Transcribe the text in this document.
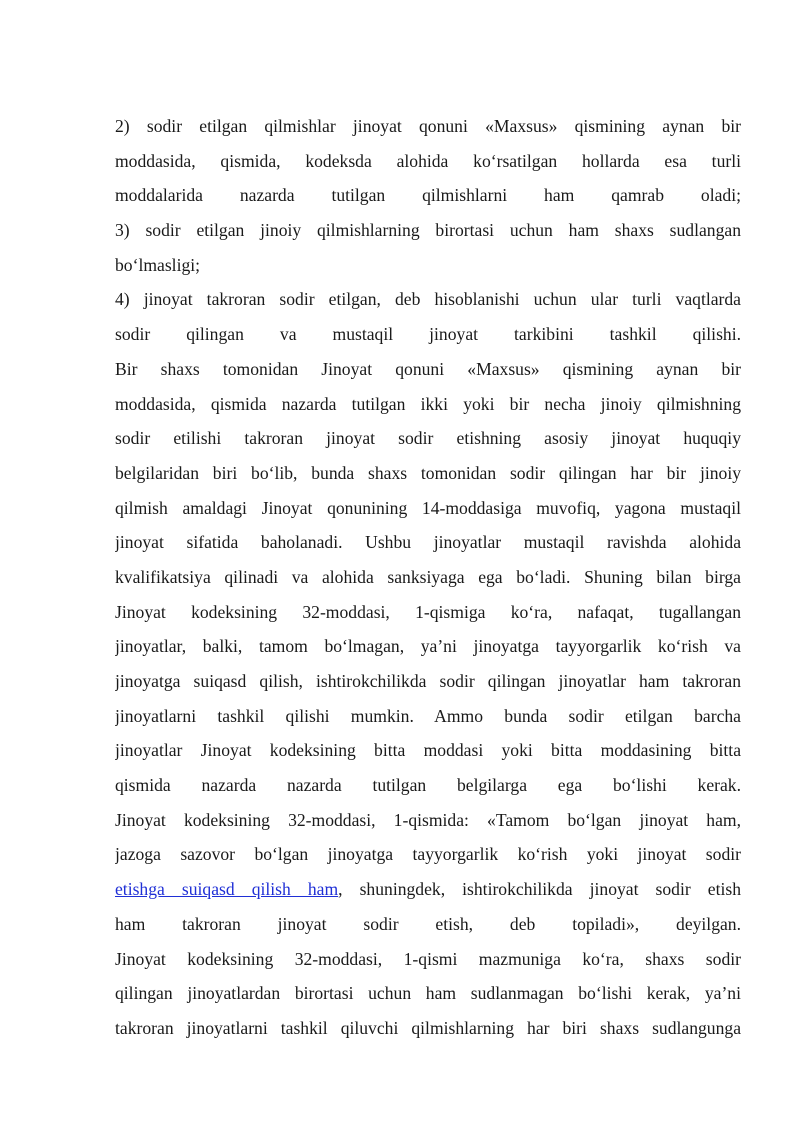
2) sodir etilgan qilmishlar jinoyat qonuni «Maxsus» qismining aynan bir
moddasida, qismida, kodeksda alohida ko‘rsatilgan hollarda esa turli
moddalarida nazarda tutilgan qilmishlarni ham qamrab oladi;
3) sodir etilgan jinoiy qilmishlarning birortasi uchun ham shaxs sudlangan
bo‘lmasligi;
4) jinoyat takroran sodir etilgan, deb hisoblanishi uchun ular turli vaqtlarda
sodir qilingan va mustaqil jinoyat tarkibini tashkil qilishi.
Bir shaxs tomonidan Jinoyat qonuni «Maxsus» qismining aynan bir
moddasida, qismida nazarda tutilgan ikki yoki bir necha jinoiy qilmishning
sodir etilishi takroran jinoyat sodir etishning asosiy jinoyat huquqiy
belgilaridan biri bo‘lib, bunda shaxs tomonidan sodir qilingan har bir jinoiy
qilmish amaldagi Jinoyat qonunining 14-moddasiga muvofiq, yagona mustaqil
jinoyat sifatida baholanadi. Ushbu jinoyatlar mustaqil ravishda alohida
kvalifikatsiya qilinadi va alohida sanksiyaga ega bo‘ladi. Shuning bilan birga
Jinoyat kodeksining 32-moddasi, 1-qismiga ko‘ra, nafaqat, tugallangan
jinoyatlar, balki, tamom bo‘lmagan, ya’ni jinoyatga tayyorgarlik ko‘rish va
jinoyatga suiqasd qilish, ishtirokchilikda sodir qilingan jinoyatlar ham takroran
jinoyatlarni tashkil qilishi mumkin. Ammo bunda sodir etilgan barcha
jinoyatlar Jinoyat kodeksining bitta moddasi yoki bitta moddasining bitta
qismida nazarda nazarda tutilgan belgilarga ega bo‘lishi kerak.
Jinoyat kodeksining 32-moddasi, 1-qismida: «Tamom bo‘lgan jinoyat ham,
jazoga sazovor bo‘lgan jinoyatga tayyorgarlik ko‘rish yoki jinoyat sodir
etishga suiqasd qilish ham, shuningdek, ishtirokchilikda jinoyat sodir etish
ham takroran jinoyat sodir etish, deb topiladi», deyilgan.
Jinoyat kodeksining 32-moddasi, 1-qismi mazmuniga ko‘ra, shaxs sodir
qilingan jinoyatlardan birortasi uchun ham sudlanmagan bo‘lishi kerak, ya’ni
takroran jinoyatlarni tashkil qiluvchi qilmishlarning har biri shaxs sudlangunga
